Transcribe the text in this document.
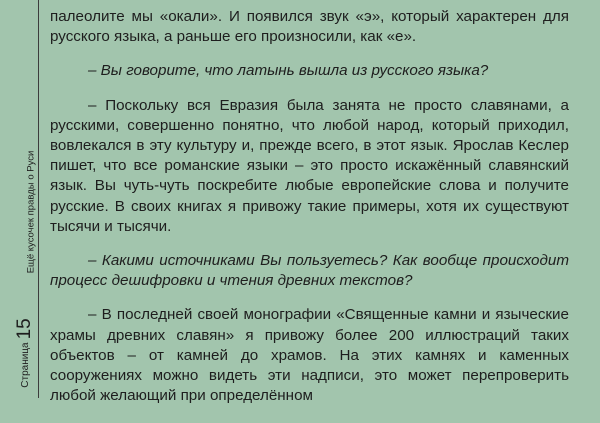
Ещё кусочек правды о Руси
Страница15

палеолите мы «окали». И появился звук «э», который характерен для русского языка, а раньше его произносили, как «е».

– Вы говорите, что латынь вышла из русского языка?

– Поскольку вся Евразия была занята не просто славянами, а русскими, совершенно понятно, что любой народ, который приходил, вовлекался в эту культуру и, прежде всего, в этот язык. Ярослав Кеслер пишет, что все романские языки – это просто искажённый славянский язык. Вы чуть-чуть поскребите любые европейские слова и получите русские. В своих книгах я привожу такие примеры, хотя их существуют тысячи и тысячи.

– Какими источниками Вы пользуетесь? Как вообще происходит процесс дешифровки и чтения древних текстов?

– В последней своей монографии «Священные камни и языческие храмы древних славян» я привожу более 200 иллюстраций таких объектов – от камней до храмов. На этих камнях и каменных сооружениях можно видеть эти надписи, это может перепроверить любой желающий при определённом
